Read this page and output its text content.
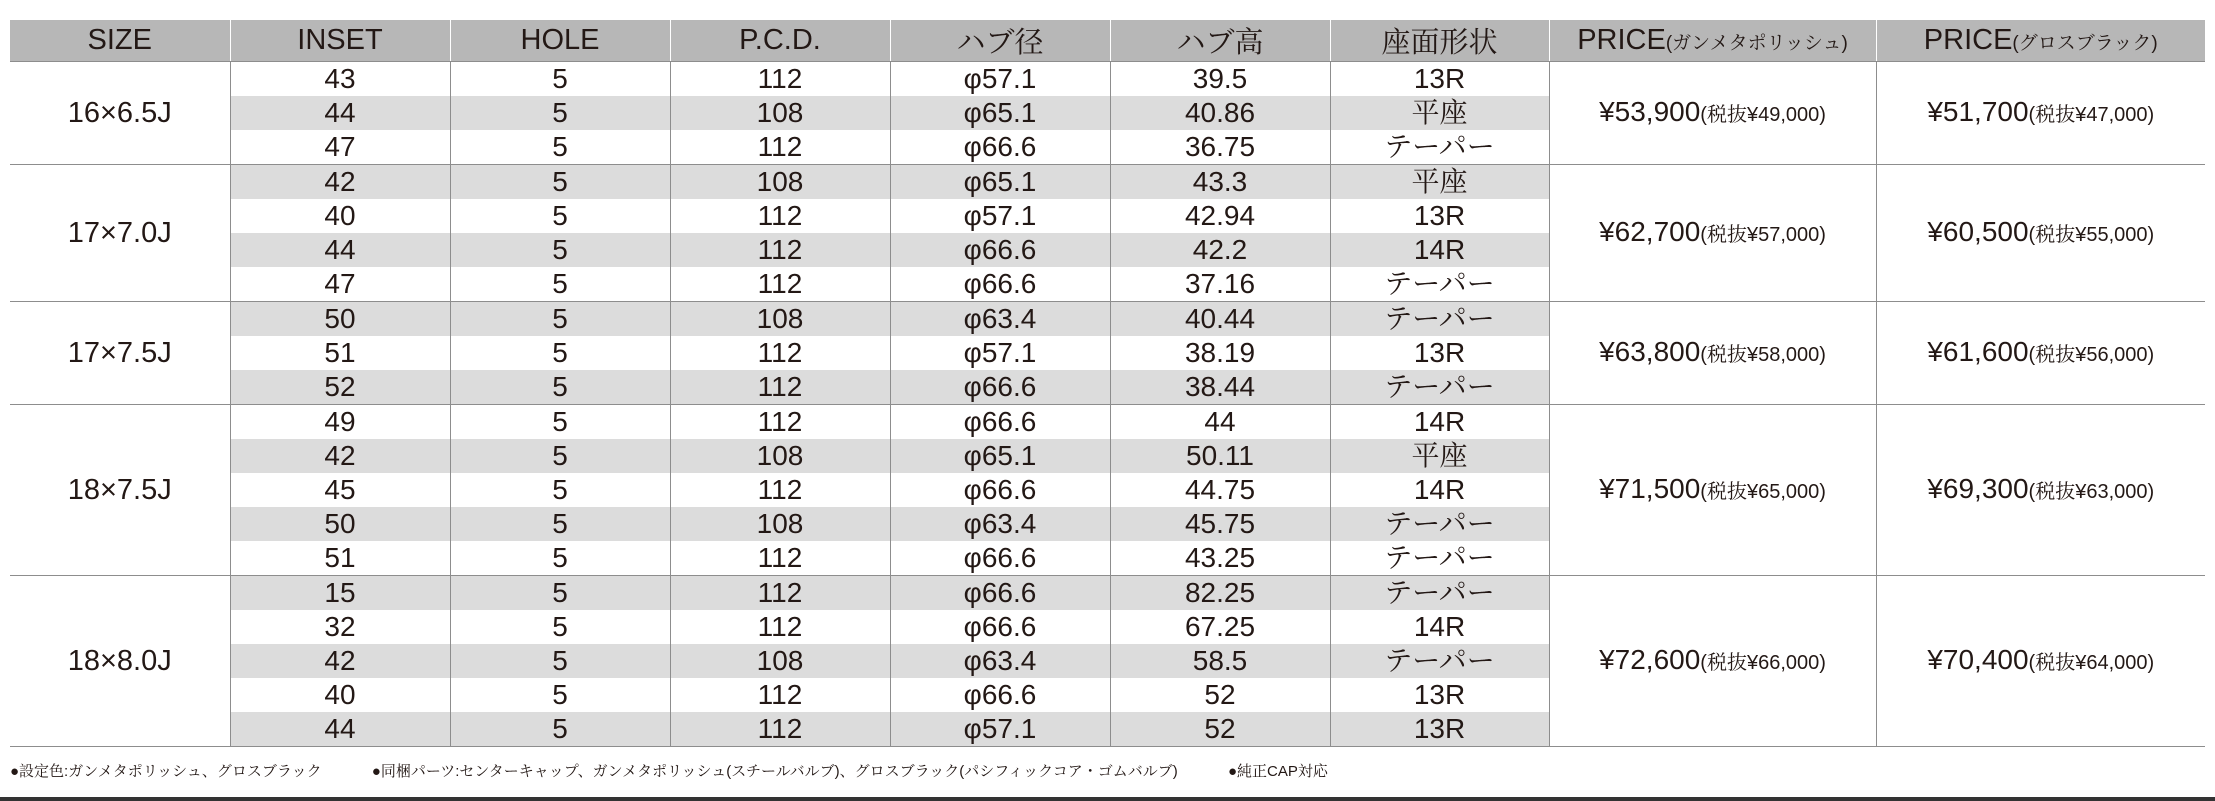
SIZE	INSET	HOLE	P.C.D.	ハブ径	ハブ高	座面形状	PRICE(ガンメタポリッシュ)	PRICE(グロスブラック)
16×6.5J	43	5	112	φ57.1	39.5	13R	¥53,900(税抜¥49,000)	¥51,700(税抜¥47,000)
	44	5	108	φ65.1	40.86	平座		
	47	5	112	φ66.6	36.75	テーパー		
17×7.0J	42	5	108	φ65.1	43.3	平座	¥62,700(税抜¥57,000)	¥60,500(税抜¥55,000)
	40	5	112	φ57.1	42.94	13R		
	44	5	112	φ66.6	42.2	14R		
	47	5	112	φ66.6	37.16	テーパー		
17×7.5J	50	5	108	φ63.4	40.44	テーパー	¥63,800(税抜¥58,000)	¥61,600(税抜¥56,000)
	51	5	112	φ57.1	38.19	13R		
	52	5	112	φ66.6	38.44	テーパー		
18×7.5J	49	5	112	φ66.6	44	14R	¥71,500(税抜¥65,000)	¥69,300(税抜¥63,000)
	42	5	108	φ65.1	50.11	平座		
	45	5	112	φ66.6	44.75	14R		
	50	5	108	φ63.4	45.75	テーパー		
	51	5	112	φ66.6	43.25	テーパー		
18×8.0J	15	5	112	φ66.6	82.25	テーパー	¥72,600(税抜¥66,000)	¥70,400(税抜¥64,000)
	32	5	112	φ66.6	67.25	14R		
	42	5	108	φ63.4	58.5	テーパー		
	40	5	112	φ66.6	52	13R		
	44	5	112	φ57.1	52	13R		
●設定色:ガンメタポリッシュ、グロスブラック	●同梱パーツ:センターキャップ、ガンメタポリッシュ(スチールバルブ)、グロスブラック(パシフィックコア・ゴムバルブ)	●純正CAP対応
